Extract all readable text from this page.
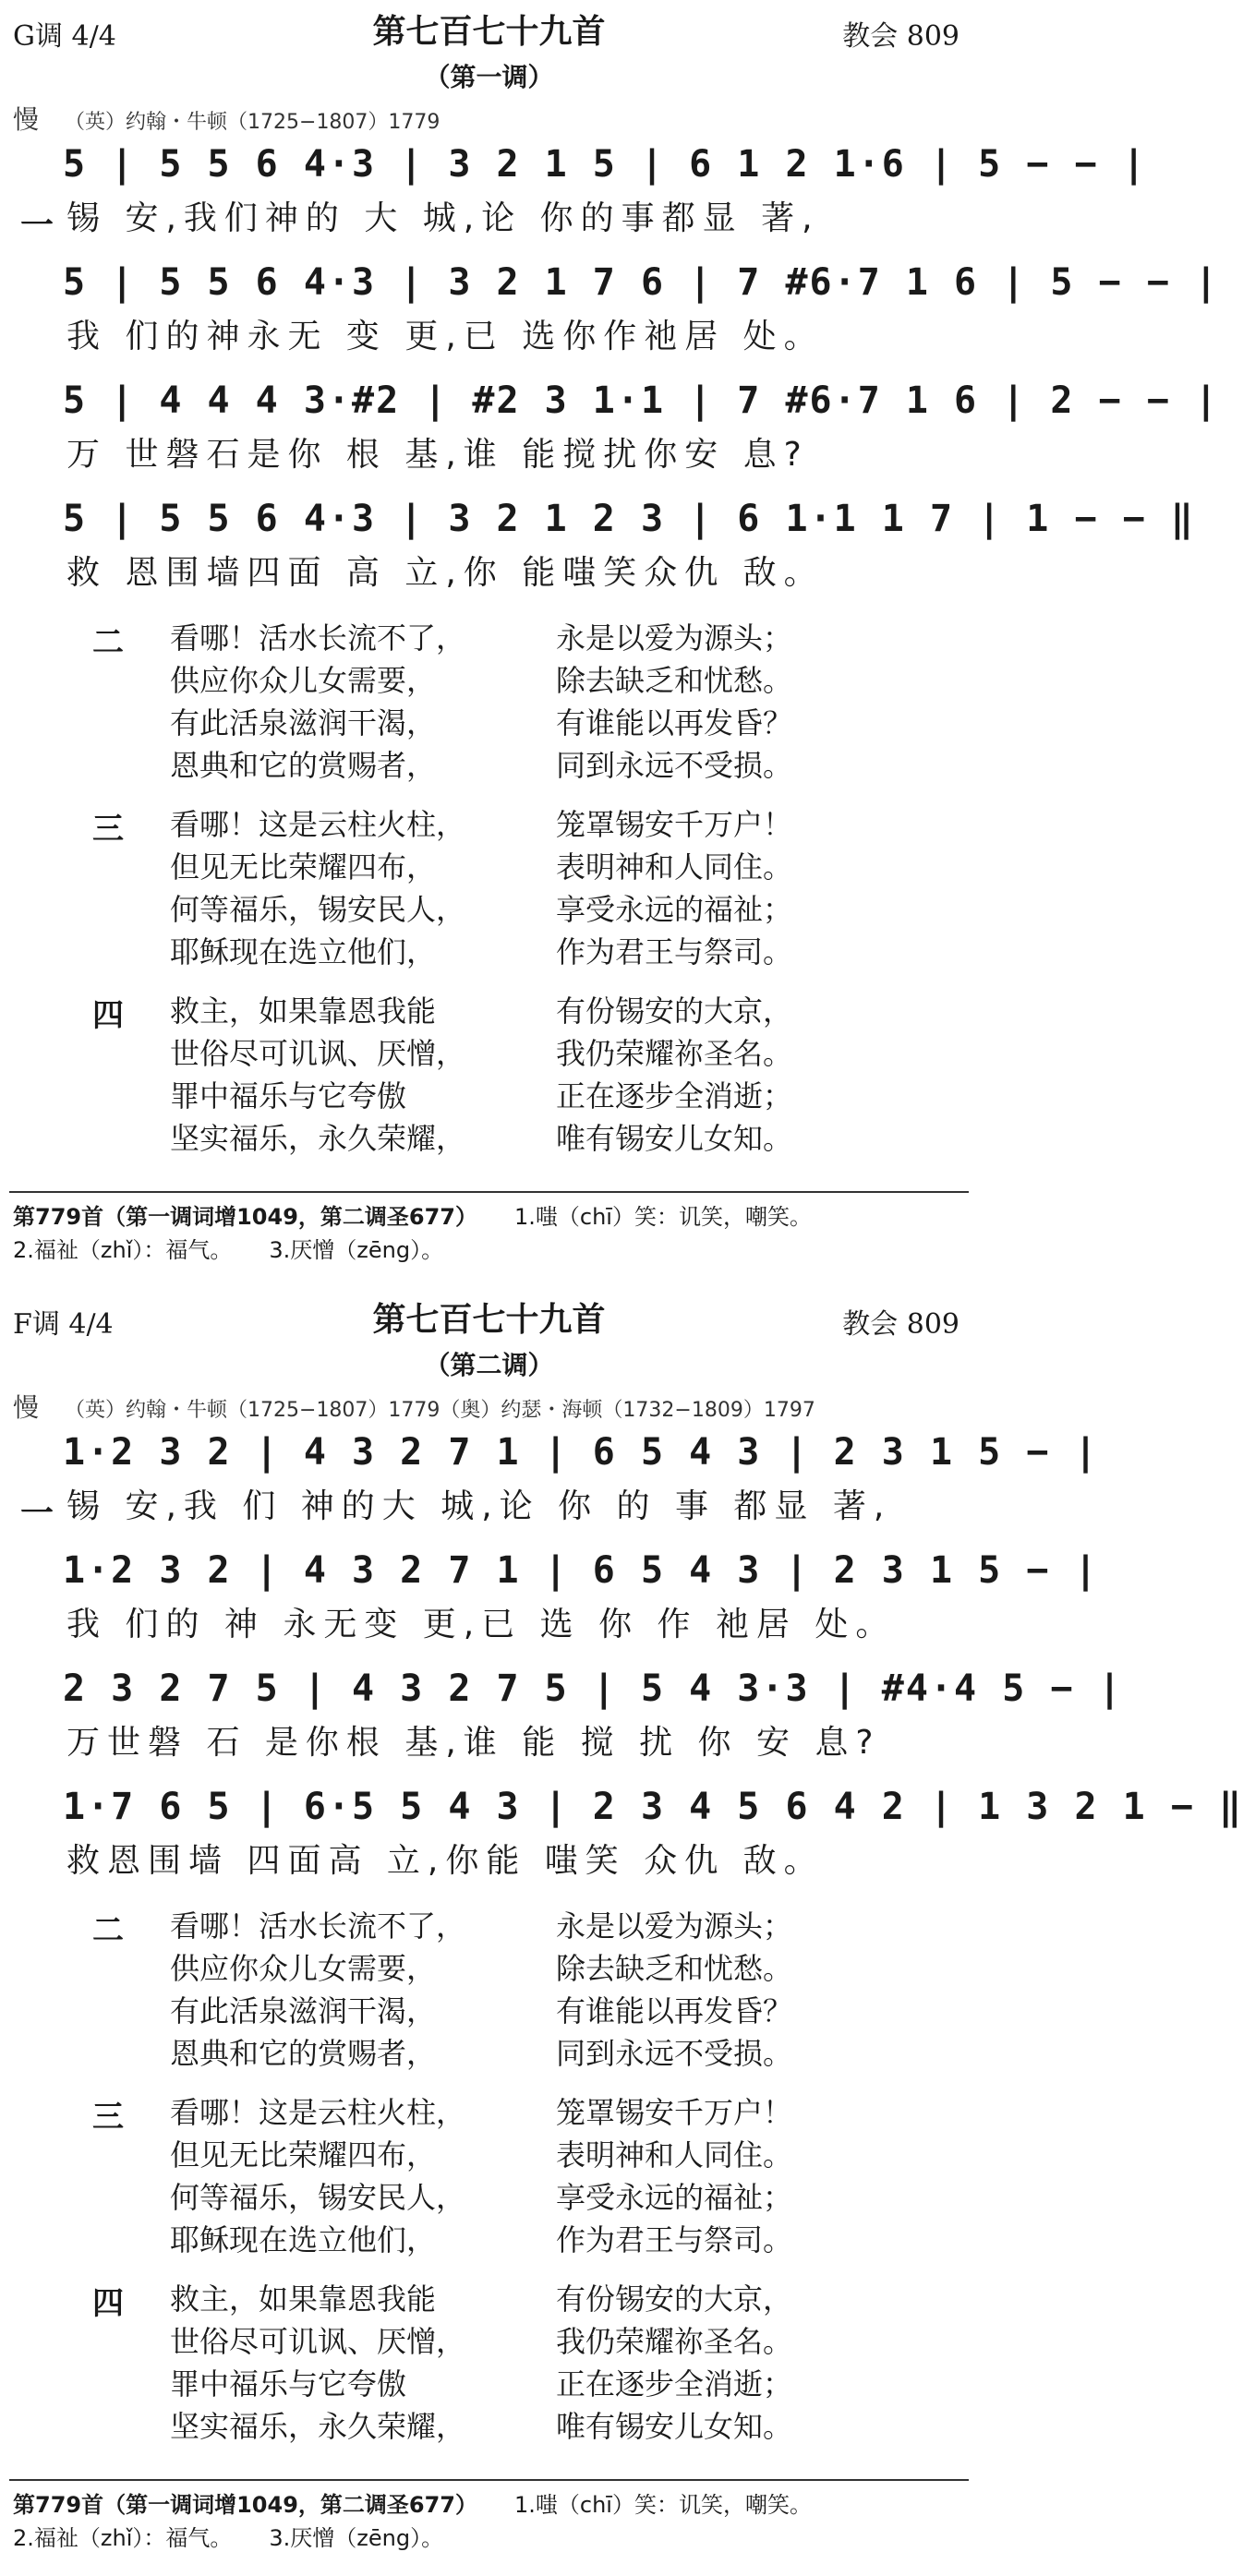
G调 4/4	第七百七十九首
（第一调）
教会 809
慢 （英）约翰・牛顿（1725−1807）1779
5 | 5 5 6 4·3 | 3 2 1 5 | 6 1 2 1·6 | 5 − − |
一 锡 安,我们神的 大 城,论 你的事都显 著,
5 | 5 5 6 4·3 | 3 2 1 7 6 | 7 #6·7 1 6 | 5 − − |
我 们的神永无 变 更,已 选你作祂居 处。
5 | 4 4 4 3·#2 | #2 3 1·1 | 7 #6·7 1 6 | 2 − − |
万 世磐石是你 根 基,谁 能搅扰你安 息?
5 | 5 5 6 4·3 | 3 2 1 2 3 | 6 1·1 1 7 | 1 − − ‖
救 恩围墙四面 高 立,你 能嗤笑众仇 敌。
二 看哪！活水长流不了，
供应你众儿女需要，
有此活泉滋润干渴，
恩典和它的赏赐者，
永是以爱为源头；
除去缺乏和忧愁。
有谁能以再发昏？
同到永远不受损。
三 看哪！这是云柱火柱，
但见无比荣耀四布，
何等福乐，锡安民人，
耶稣现在选立他们，
笼罩锡安千万户！
表明神和人同住。
享受永远的福祉；
作为君王与祭司。
四 救主，如果靠恩我能
世俗尽可讥讽、厌憎，
罪中福乐与它夸傲
坚实福乐，永久荣耀，
有份锡安的大京，
我仍荣耀祢圣名。
正在逐步全消逝；
唯有锡安儿女知。
第779首（第一调词增1049，第二调圣677） 1.嗤（chī）笑：讥笑，嘲笑。
2.福祉（zhǐ）：福气。 3.厌憎（zēng）。
F调 4/4	第七百七十九首
（第二调）
教会 809
慢 （英）约翰・牛顿（1725−1807）1779（奥）约瑟・海顿（1732−1809）1797
1·2 3 2 | 4 3 2 7 1 | 6 5 4 3 | 2 3 1 5 − |
一 锡 安,我 们 神的大 城,论 你 的 事 都显 著,
1·2 3 2 | 4 3 2 7 1 | 6 5 4 3 | 2 3 1 5 − |
我 们的 神 永无变 更,已 选 你 作 祂居 处。
2 3 2 7 5 | 4 3 2 7 5 | 5 4 3·3 | #4·4 5 − |
万世磐 石 是你根 基,谁 能 搅 扰 你 安 息?
1·7 6 5 | 6·5 5 4 3 | 2 3 4 5 6 4 2 | 1 3 2 1 − ‖
救恩围墙 四面高 立,你能 嗤笑 众仇 敌。
二 看哪！活水长流不了，
供应你众儿女需要，
有此活泉滋润干渴，
恩典和它的赏赐者，
永是以爱为源头；
除去缺乏和忧愁。
有谁能以再发昏？
同到永远不受损。
三 看哪！这是云柱火柱，
但见无比荣耀四布，
何等福乐，锡安民人，
耶稣现在选立他们，
笼罩锡安千万户！
表明神和人同住。
享受永远的福祉；
作为君王与祭司。
四 救主，如果靠恩我能
世俗尽可讥讽、厌憎，
罪中福乐与它夸傲
坚实福乐，永久荣耀，
有份锡安的大京，
我仍荣耀祢圣名。
正在逐步全消逝；
唯有锡安儿女知。
第779首（第一调词增1049，第二调圣677） 1.嗤（chī）笑：讥笑，嘲笑。
2.福祉（zhǐ）：福气。 3.厌憎（zēng）。
